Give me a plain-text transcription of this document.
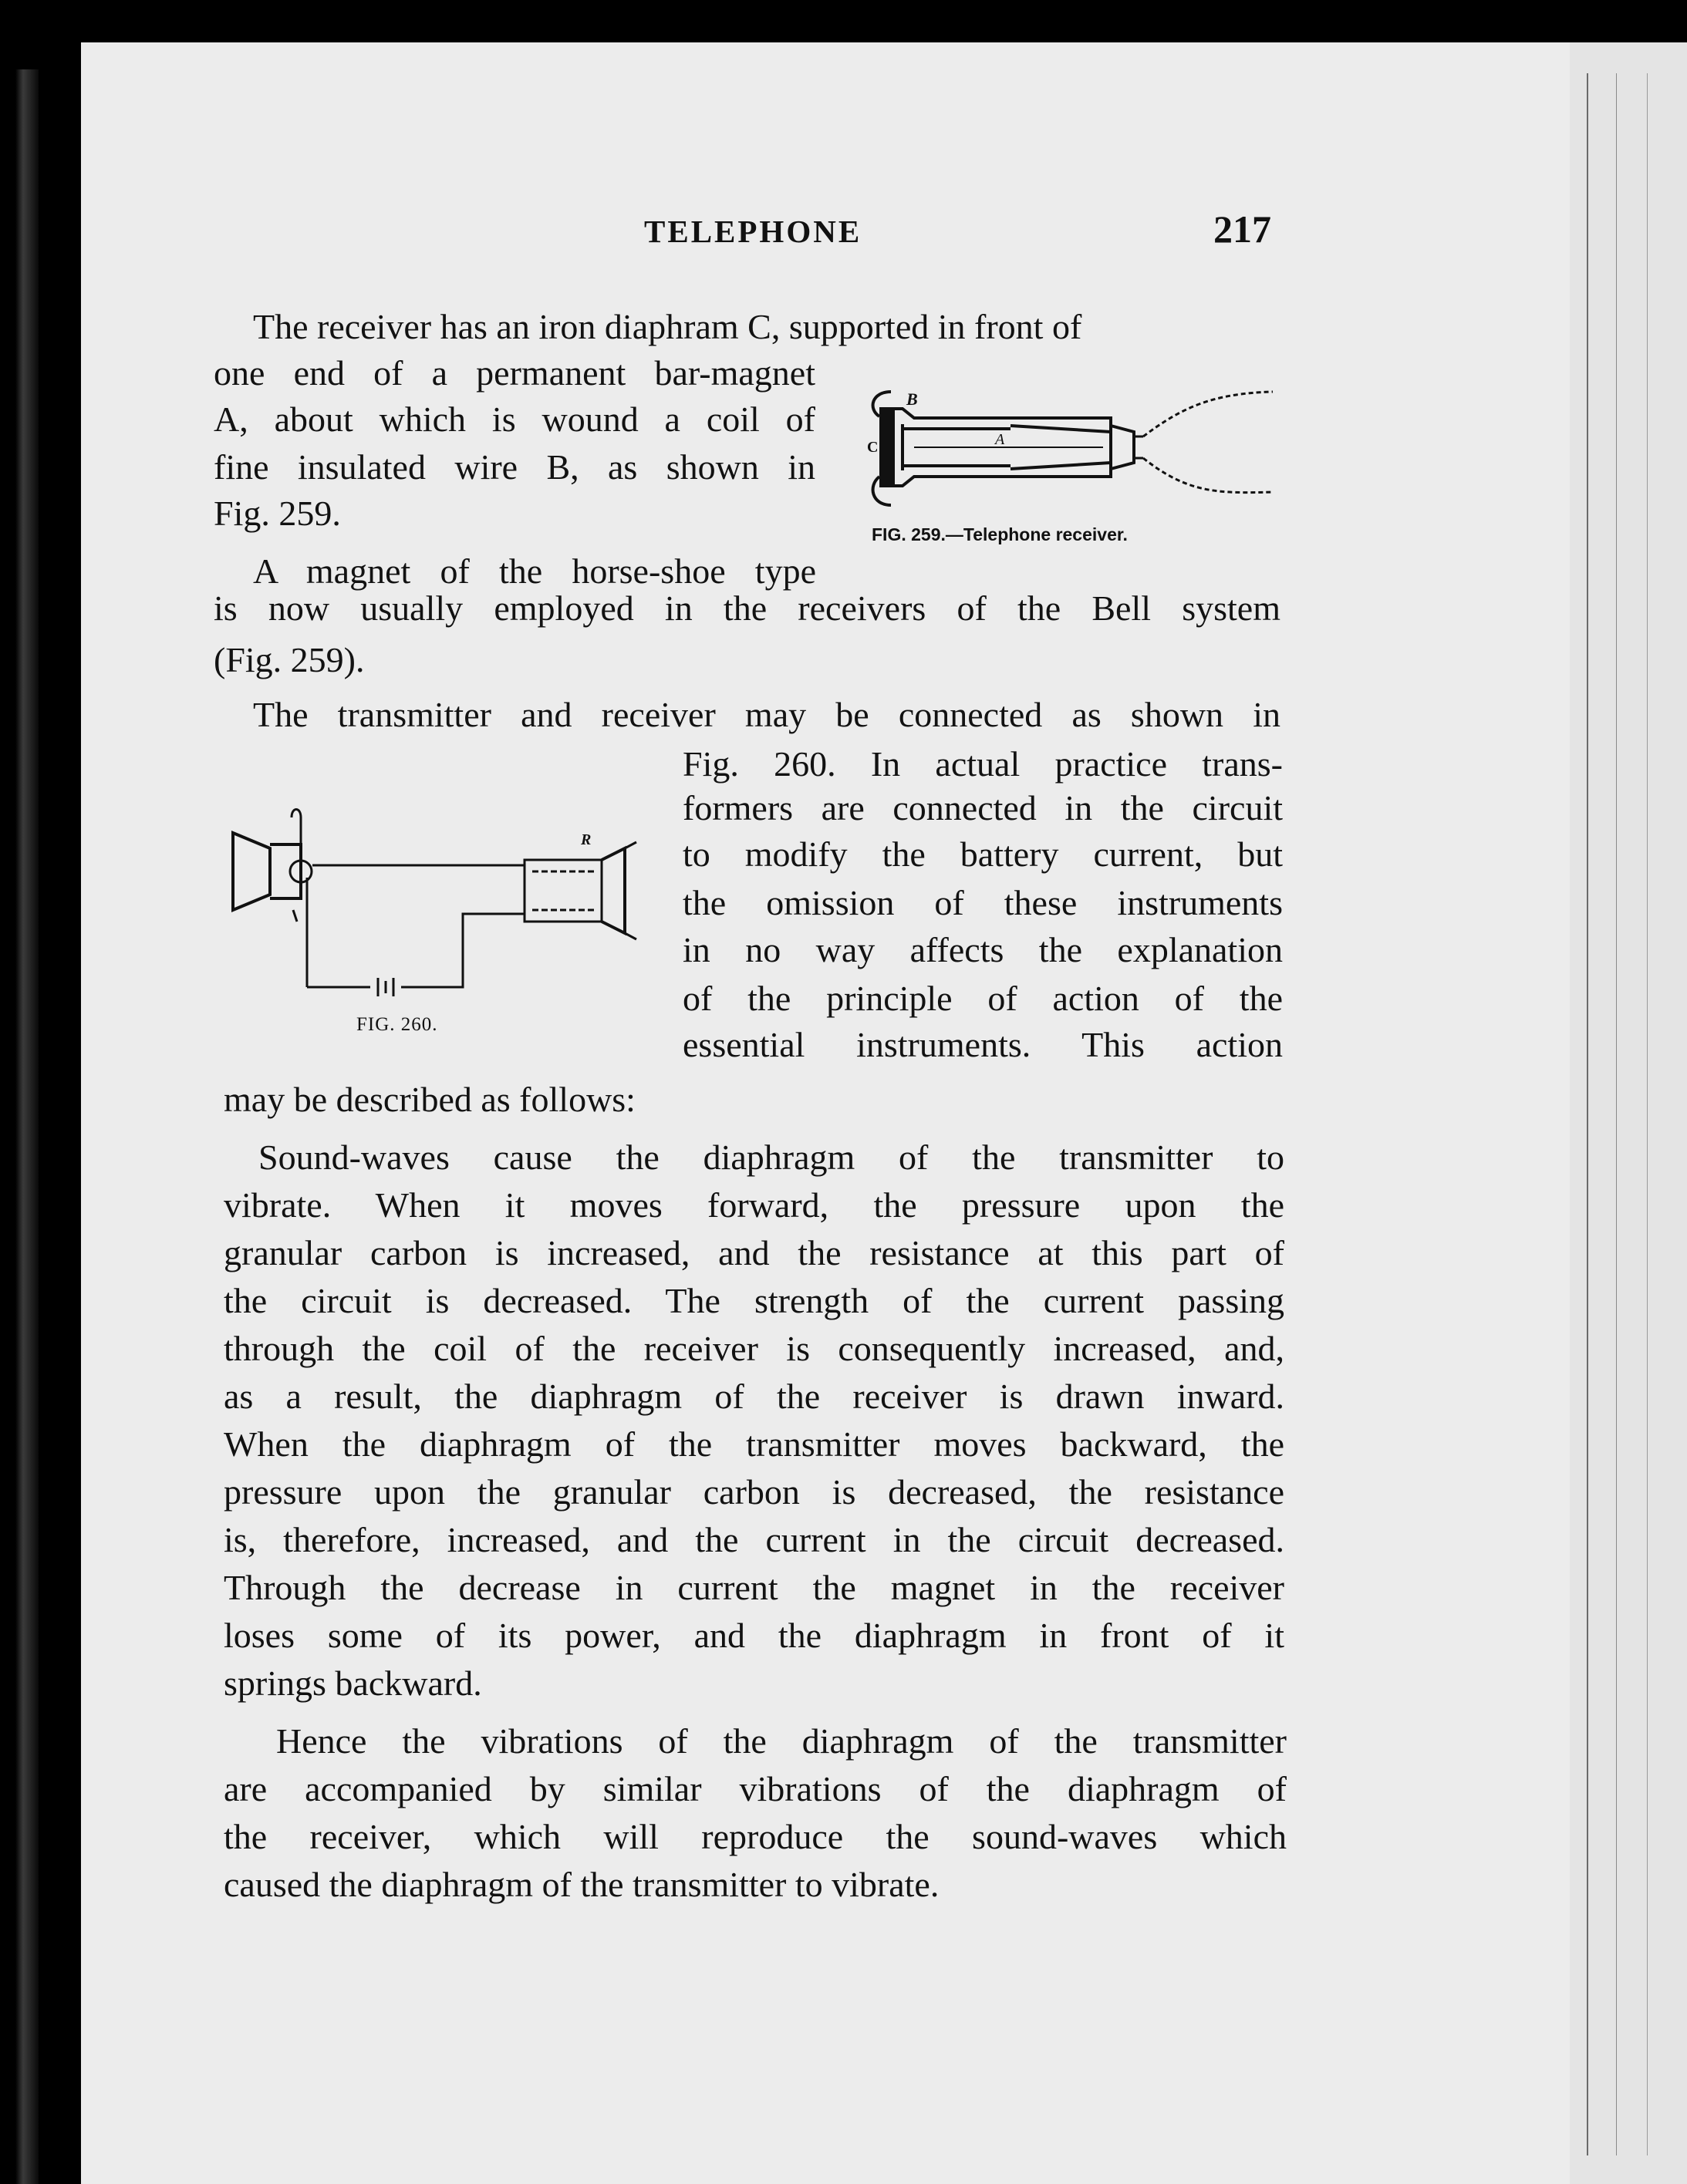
TELEPHONE	217
The receiver has an iron diaphram C, supported in front of
one end of a permanent bar-magnet
A, about which is wound a coil of
fine insulated wire B, as shown in
Fig. 259.
A magnet of the horse-shoe type
is now usually employed in the receivers of the Bell system
(Fig. 259).
The transmitter and receiver may be connected as shown in
Fig. 260. In actual practice trans-
formers are connected in the circuit
to modify the battery current, but
the omission of these instruments
in no way affects the explanation
of the principle of action of the
essential instruments. This action
may be described as follows:
Sound-waves cause the diaphragm of the transmitter to
vibrate. When it moves forward, the pressure upon the
granular carbon is increased, and the resistance at this part of
the circuit is decreased. The strength of the current passing
through the coil of the receiver is consequently increased, and,
as a result, the diaphragm of the receiver is drawn inward.
When the diaphragm of the transmitter moves backward, the
pressure upon the granular carbon is decreased, the resistance
is, therefore, increased, and the current in the circuit decreased.
Through the decrease in current the magnet in the receiver
loses some of its power, and the diaphragm in front of it
springs backward.
Hence the vibrations of the diaphragm of the transmitter
are accompanied by similar vibrations of the diaphragm of
the receiver, which will reproduce the sound-waves which
caused the diaphragm of the transmitter to vibrate.
B
C	A
FIG. 259.—Telephone receiver.
R
FIG. 260.
